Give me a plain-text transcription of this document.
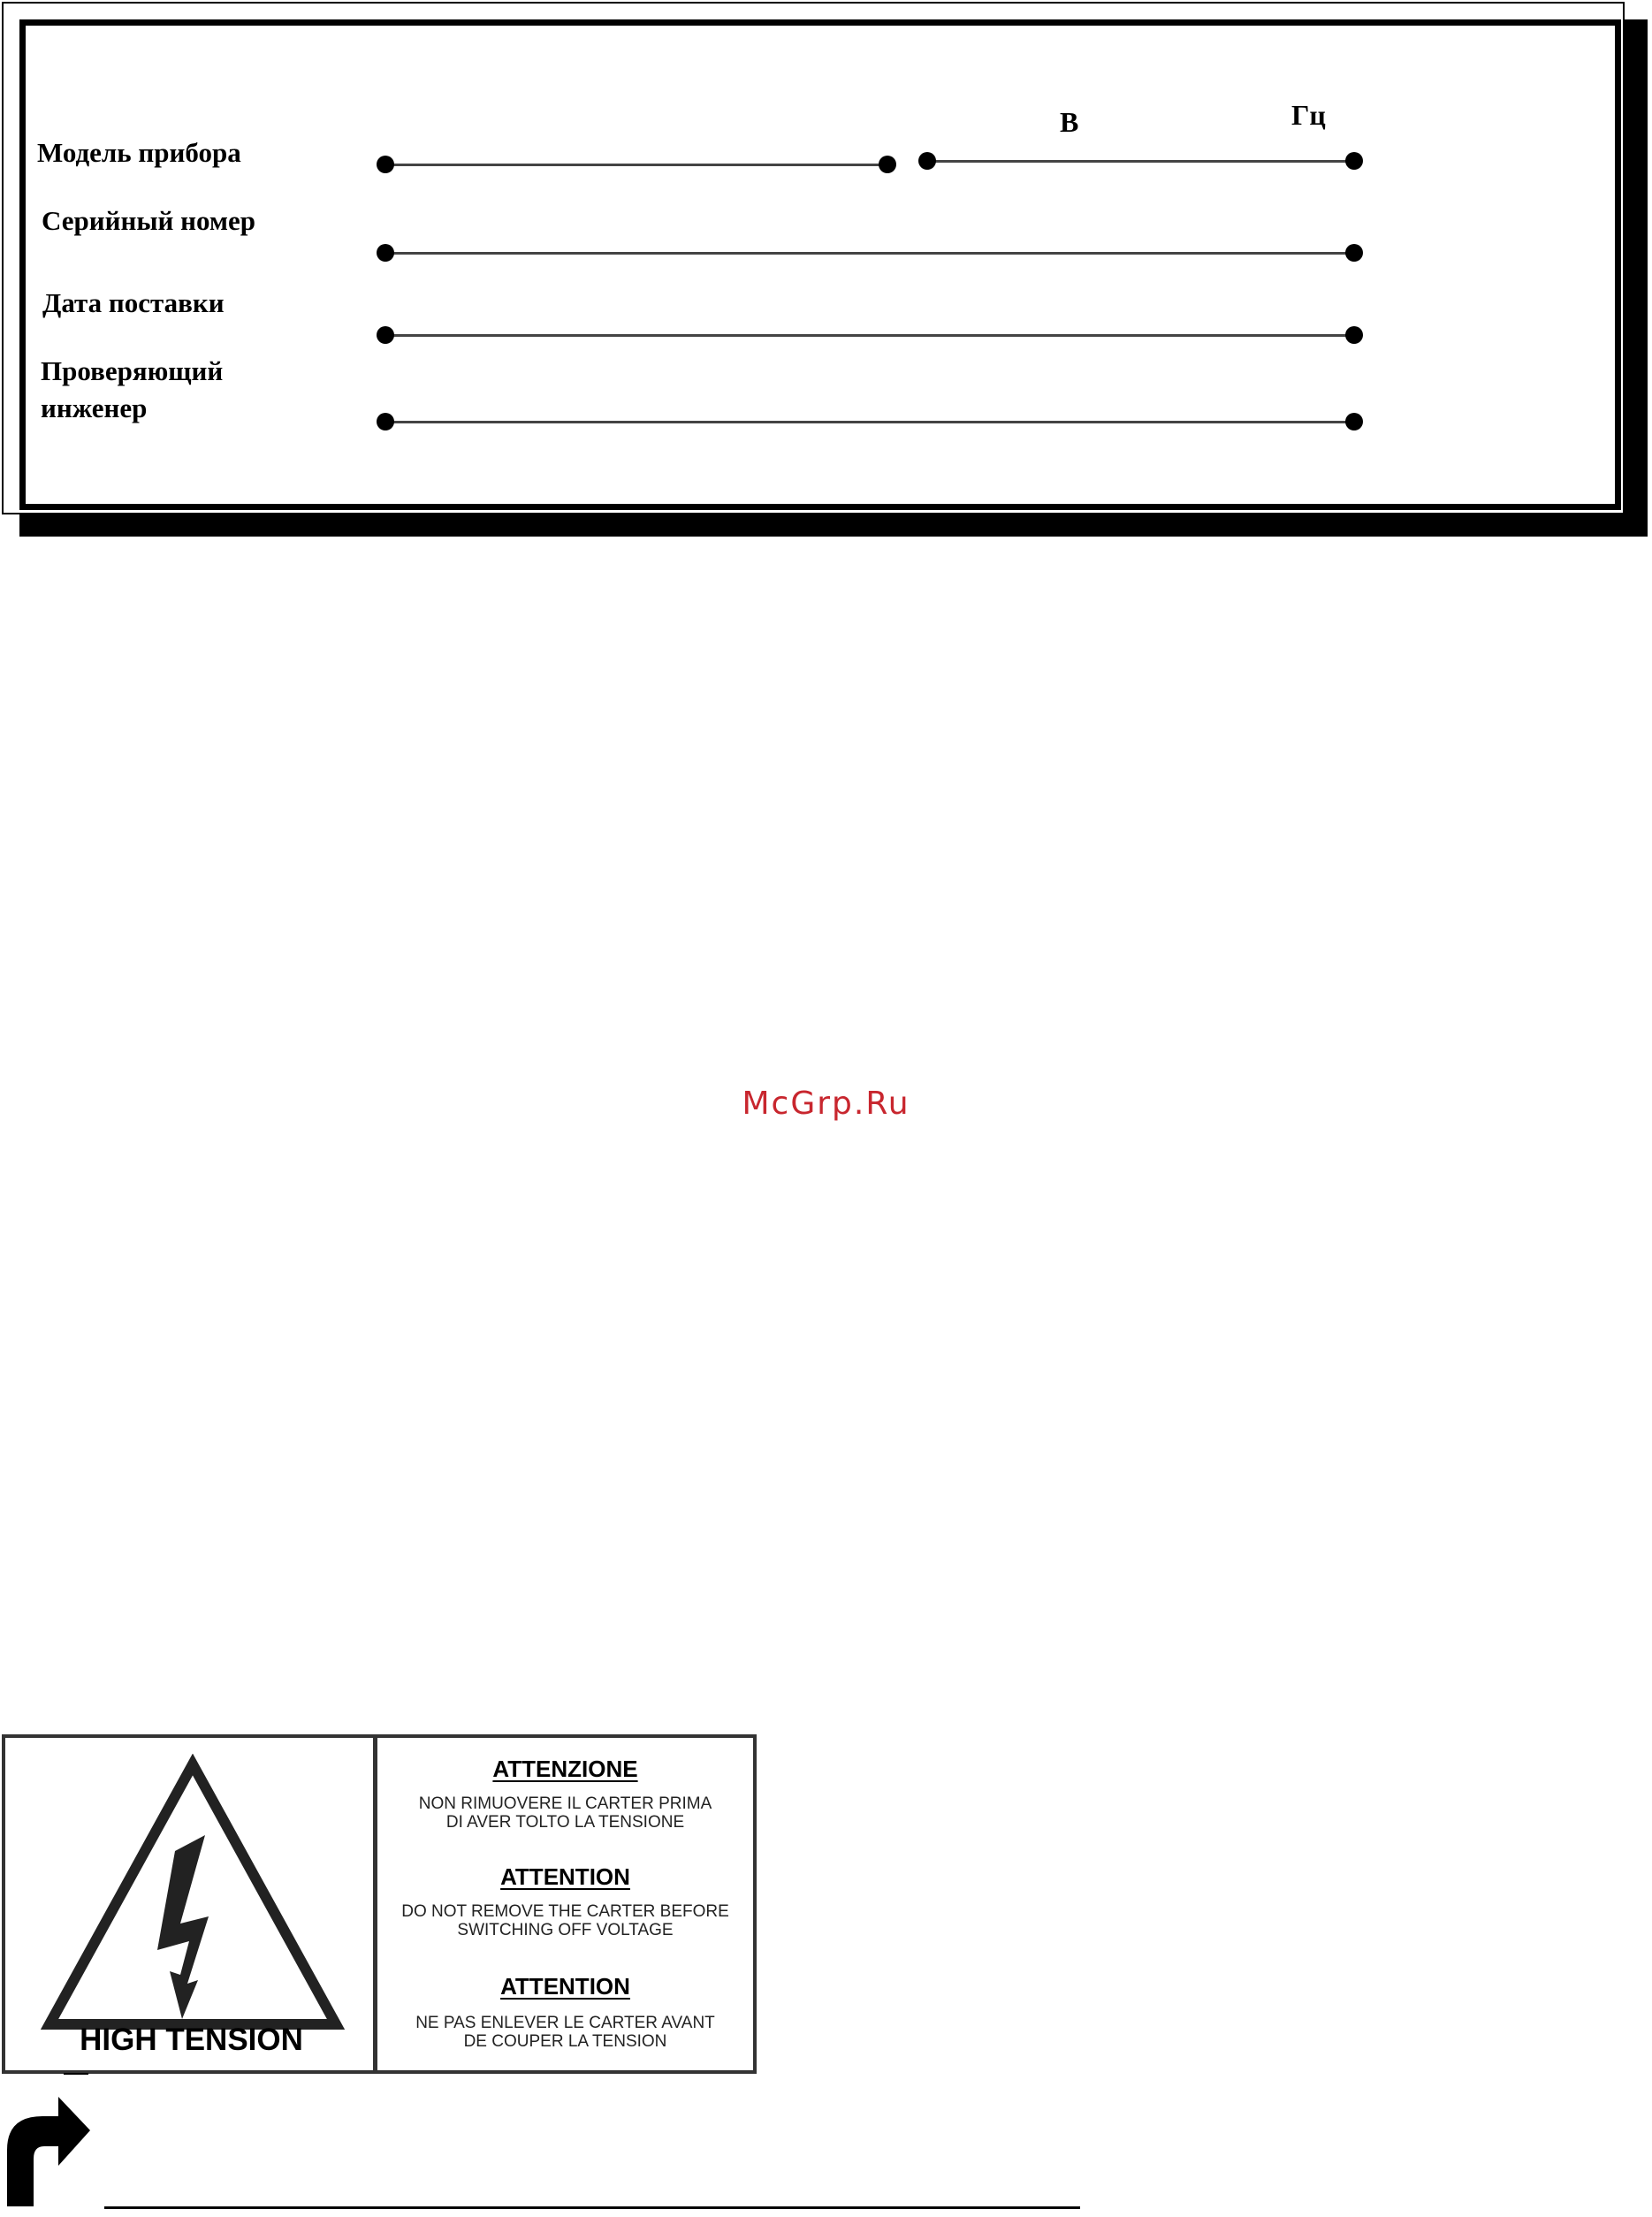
Модель прибора
В	Гц
Серийный номер
Дата поставки
Проверяющий
инженер
McGrp.Ru
HIGH TENSION
ATTENZIONE
NON RIMUOVERE IL CARTER PRIMA
DI AVER TOLTO LA TENSIONE
ATTENTION
DO NOT REMOVE THE CARTER BEFORE
SWITCHING OFF VOLTAGE
ATTENTION
NE PAS ENLEVER LE CARTER AVANT
DE COUPER LA TENSION
